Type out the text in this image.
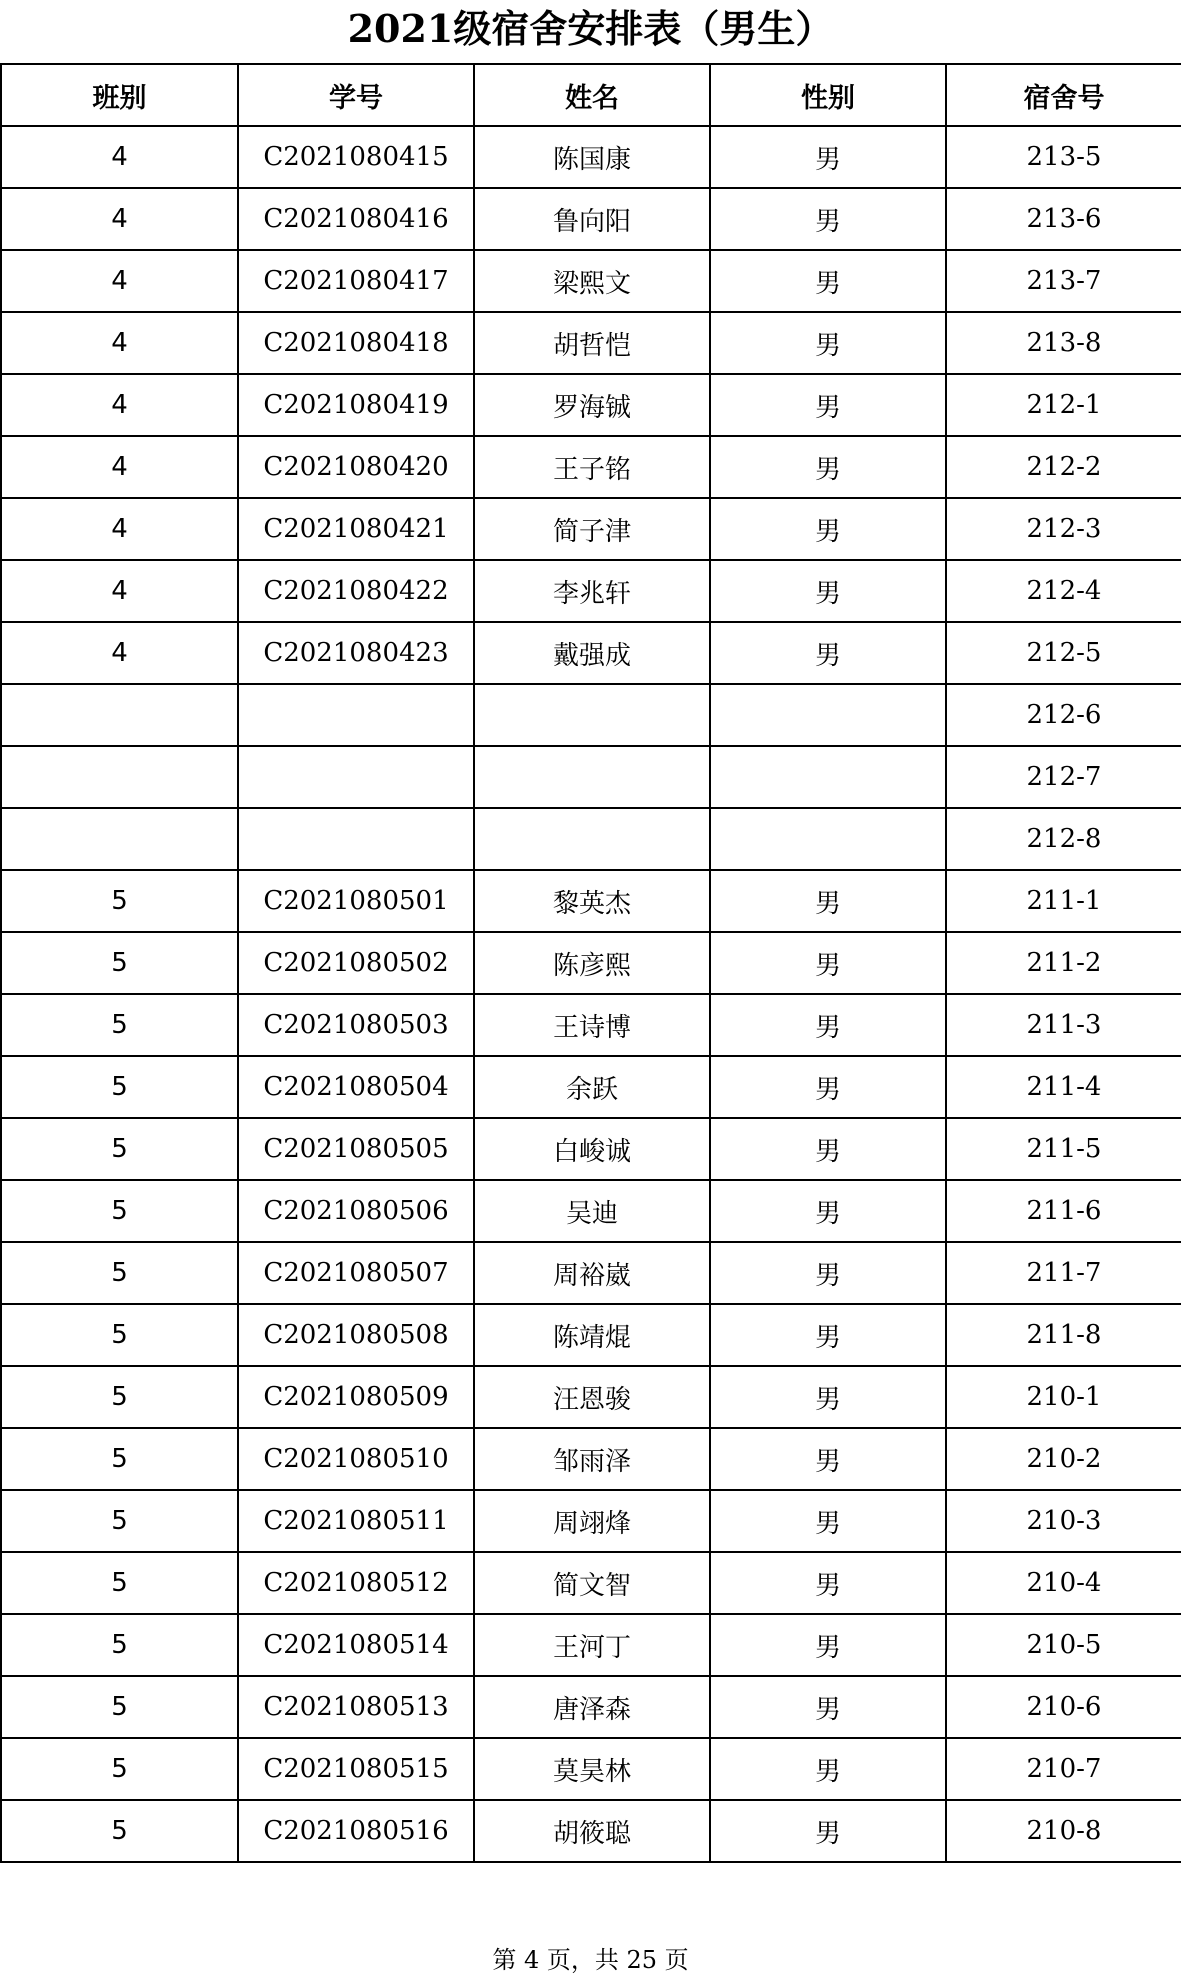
2021级宿舍安排表（男生）
班别	学号	姓名	性别	宿舍号
4	C2021080415	陈国康	男	213-5
4	C2021080416	鲁向阳	男	213-6
4	C2021080417	梁熙文	男	213-7
4	C2021080418	胡哲恺	男	213-8
4	C2021080419	罗海铖	男	212-1
4	C2021080420	王子铭	男	212-2
4	C2021080421	简子津	男	212-3
4	C2021080422	李兆轩	男	212-4
4	C2021080423	戴强成	男	212-5
				212-6
				212-7
				212-8
5	C2021080501	黎英杰	男	211-1
5	C2021080502	陈彦熙	男	211-2
5	C2021080503	王诗博	男	211-3
5	C2021080504	余跃	男	211-4
5	C2021080505	白峻诚	男	211-5
5	C2021080506	吴迪	男	211-6
5	C2021080507	周裕崴	男	211-7
5	C2021080508	陈靖焜	男	211-8
5	C2021080509	汪恩骏	男	210-1
5	C2021080510	邹雨泽	男	210-2
5	C2021080511	周翊烽	男	210-3
5	C2021080512	简文智	男	210-4
5	C2021080514	王河丁	男	210-5
5	C2021080513	唐泽森	男	210-6
5	C2021080515	莫昊林	男	210-7
5	C2021080516	胡筱聪	男	210-8
第 4 页，共 25 页
